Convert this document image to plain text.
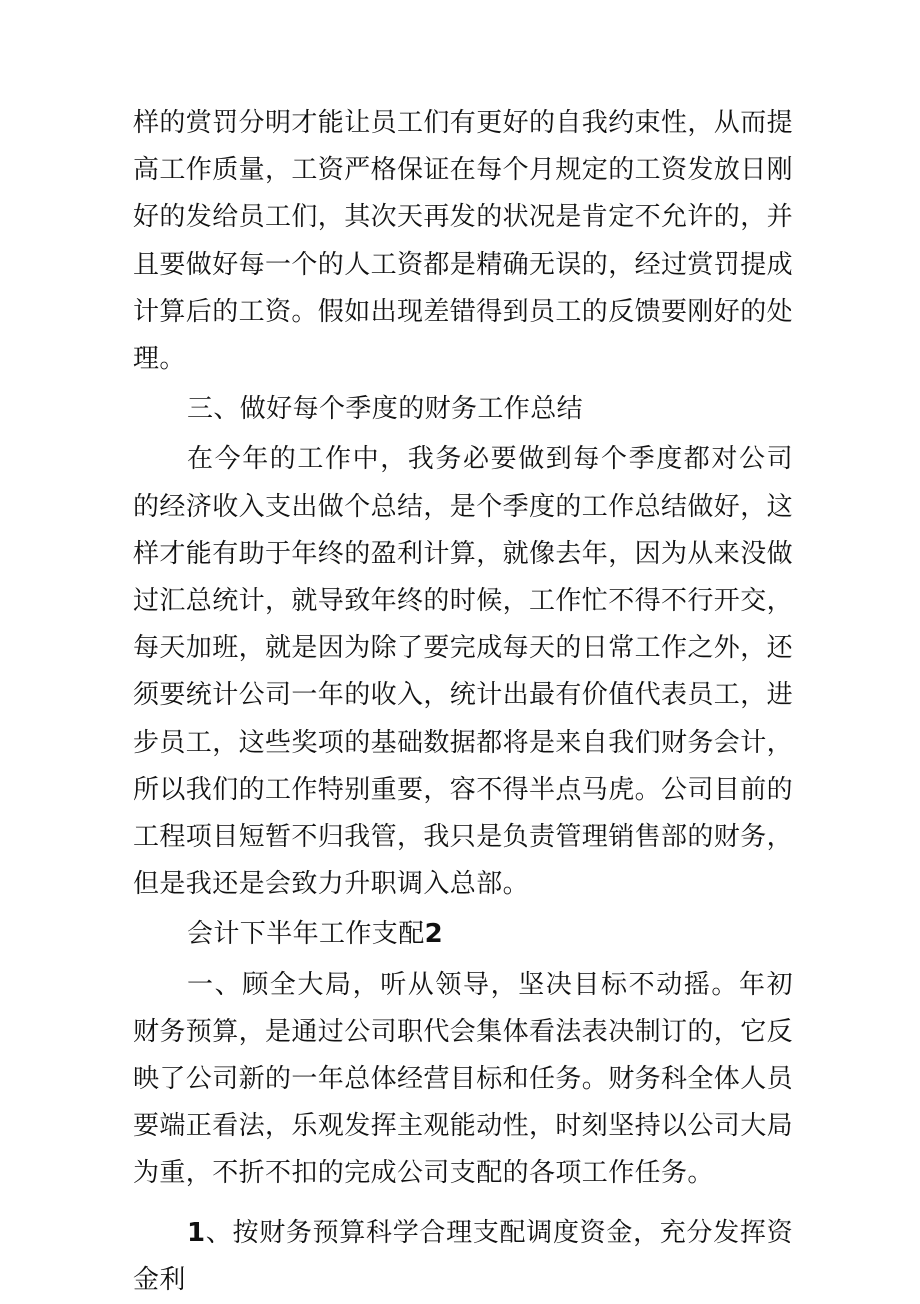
样的赏罚分明才能让员工们有更好的自我约束性，从而提高工作质量，工资严格保证在每个月规定的工资发放日刚好的发给员工们，其次天再发的状况是肯定不允许的，并且要做好每一个的人工资都是精确无误的，经过赏罚提成计算后的工资。假如出现差错得到员工的反馈要刚好的处理。

三、做好每个季度的财务工作总结

在今年的工作中，我务必要做到每个季度都对公司的经济收入支出做个总结，是个季度的工作总结做好，这样才能有助于年终的盈利计算，就像去年，因为从来没做过汇总统计，就导致年终的时候，工作忙不得不行开交，每天加班，就是因为除了要完成每天的日常工作之外，还须要统计公司一年的收入，统计出最有价值代表员工，进步员工，这些奖项的基础数据都将是来自我们财务会计，所以我们的工作特别重要，容不得半点马虎。公司目前的工程项目短暂不归我管，我只是负责管理销售部的财务，但是我还是会致力升职调入总部。

会计下半年工作支配2

一、顾全大局，听从领导，坚决目标不动摇。年初财务预算，是通过公司职代会集体看法表决制订的，它反映了公司新的一年总体经营目标和任务。财务科全体人员要端正看法，乐观发挥主观能动性，时刻坚持以公司大局为重，不折不扣的完成公司支配的各项工作任务。

1、按财务预算科学合理支配调度资金，充分发挥资金利
